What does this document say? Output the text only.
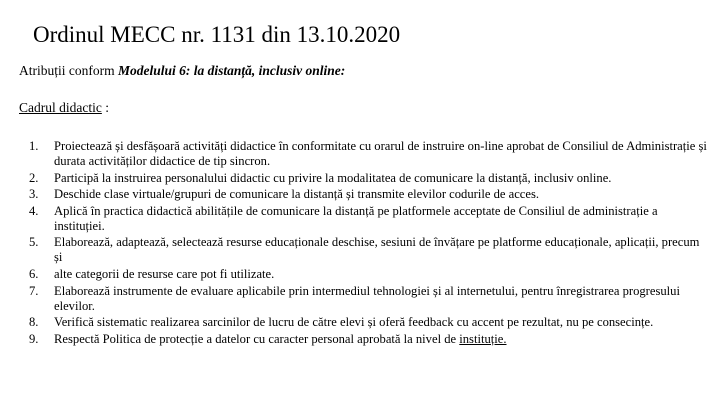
Ordinul MECC nr. 1131 din 13.10.2020
Atribuții conform Modelului 6: la distanță, inclusiv online:
Cadrul didactic :
1. Proiectează și desfășoară activități didactice în conformitate cu orarul de instruire on-line aprobat de Consiliul de Administrație și durata activităților didactice de tip sincron.
2. Participă la instruirea personalului didactic cu privire la modalitatea de comunicare la distanță, inclusiv online.
3. Deschide clase virtuale/grupuri de comunicare la distanță și transmite elevilor codurile de acces.
4. Aplică în practica didactică abilitățile de comunicare la distanță pe platformele acceptate de Consiliul de administrație a instituției.
5. Elaborează, adaptează, selectează resurse educaționale deschise, sesiuni de învățare pe platforme educaționale, aplicații, precum și
6. alte categorii de resurse care pot fi utilizate.
7. Elaborează instrumente de evaluare aplicabile prin intermediul tehnologiei și al internetului, pentru înregistrarea progresului elevilor.
8. Verifică sistematic realizarea sarcinilor de lucru de către elevi și oferă feedback cu accent pe rezultat, nu pe consecințe.
9. Respectă Politica de protecție a datelor cu caracter personal aprobată la nivel de instituție.
